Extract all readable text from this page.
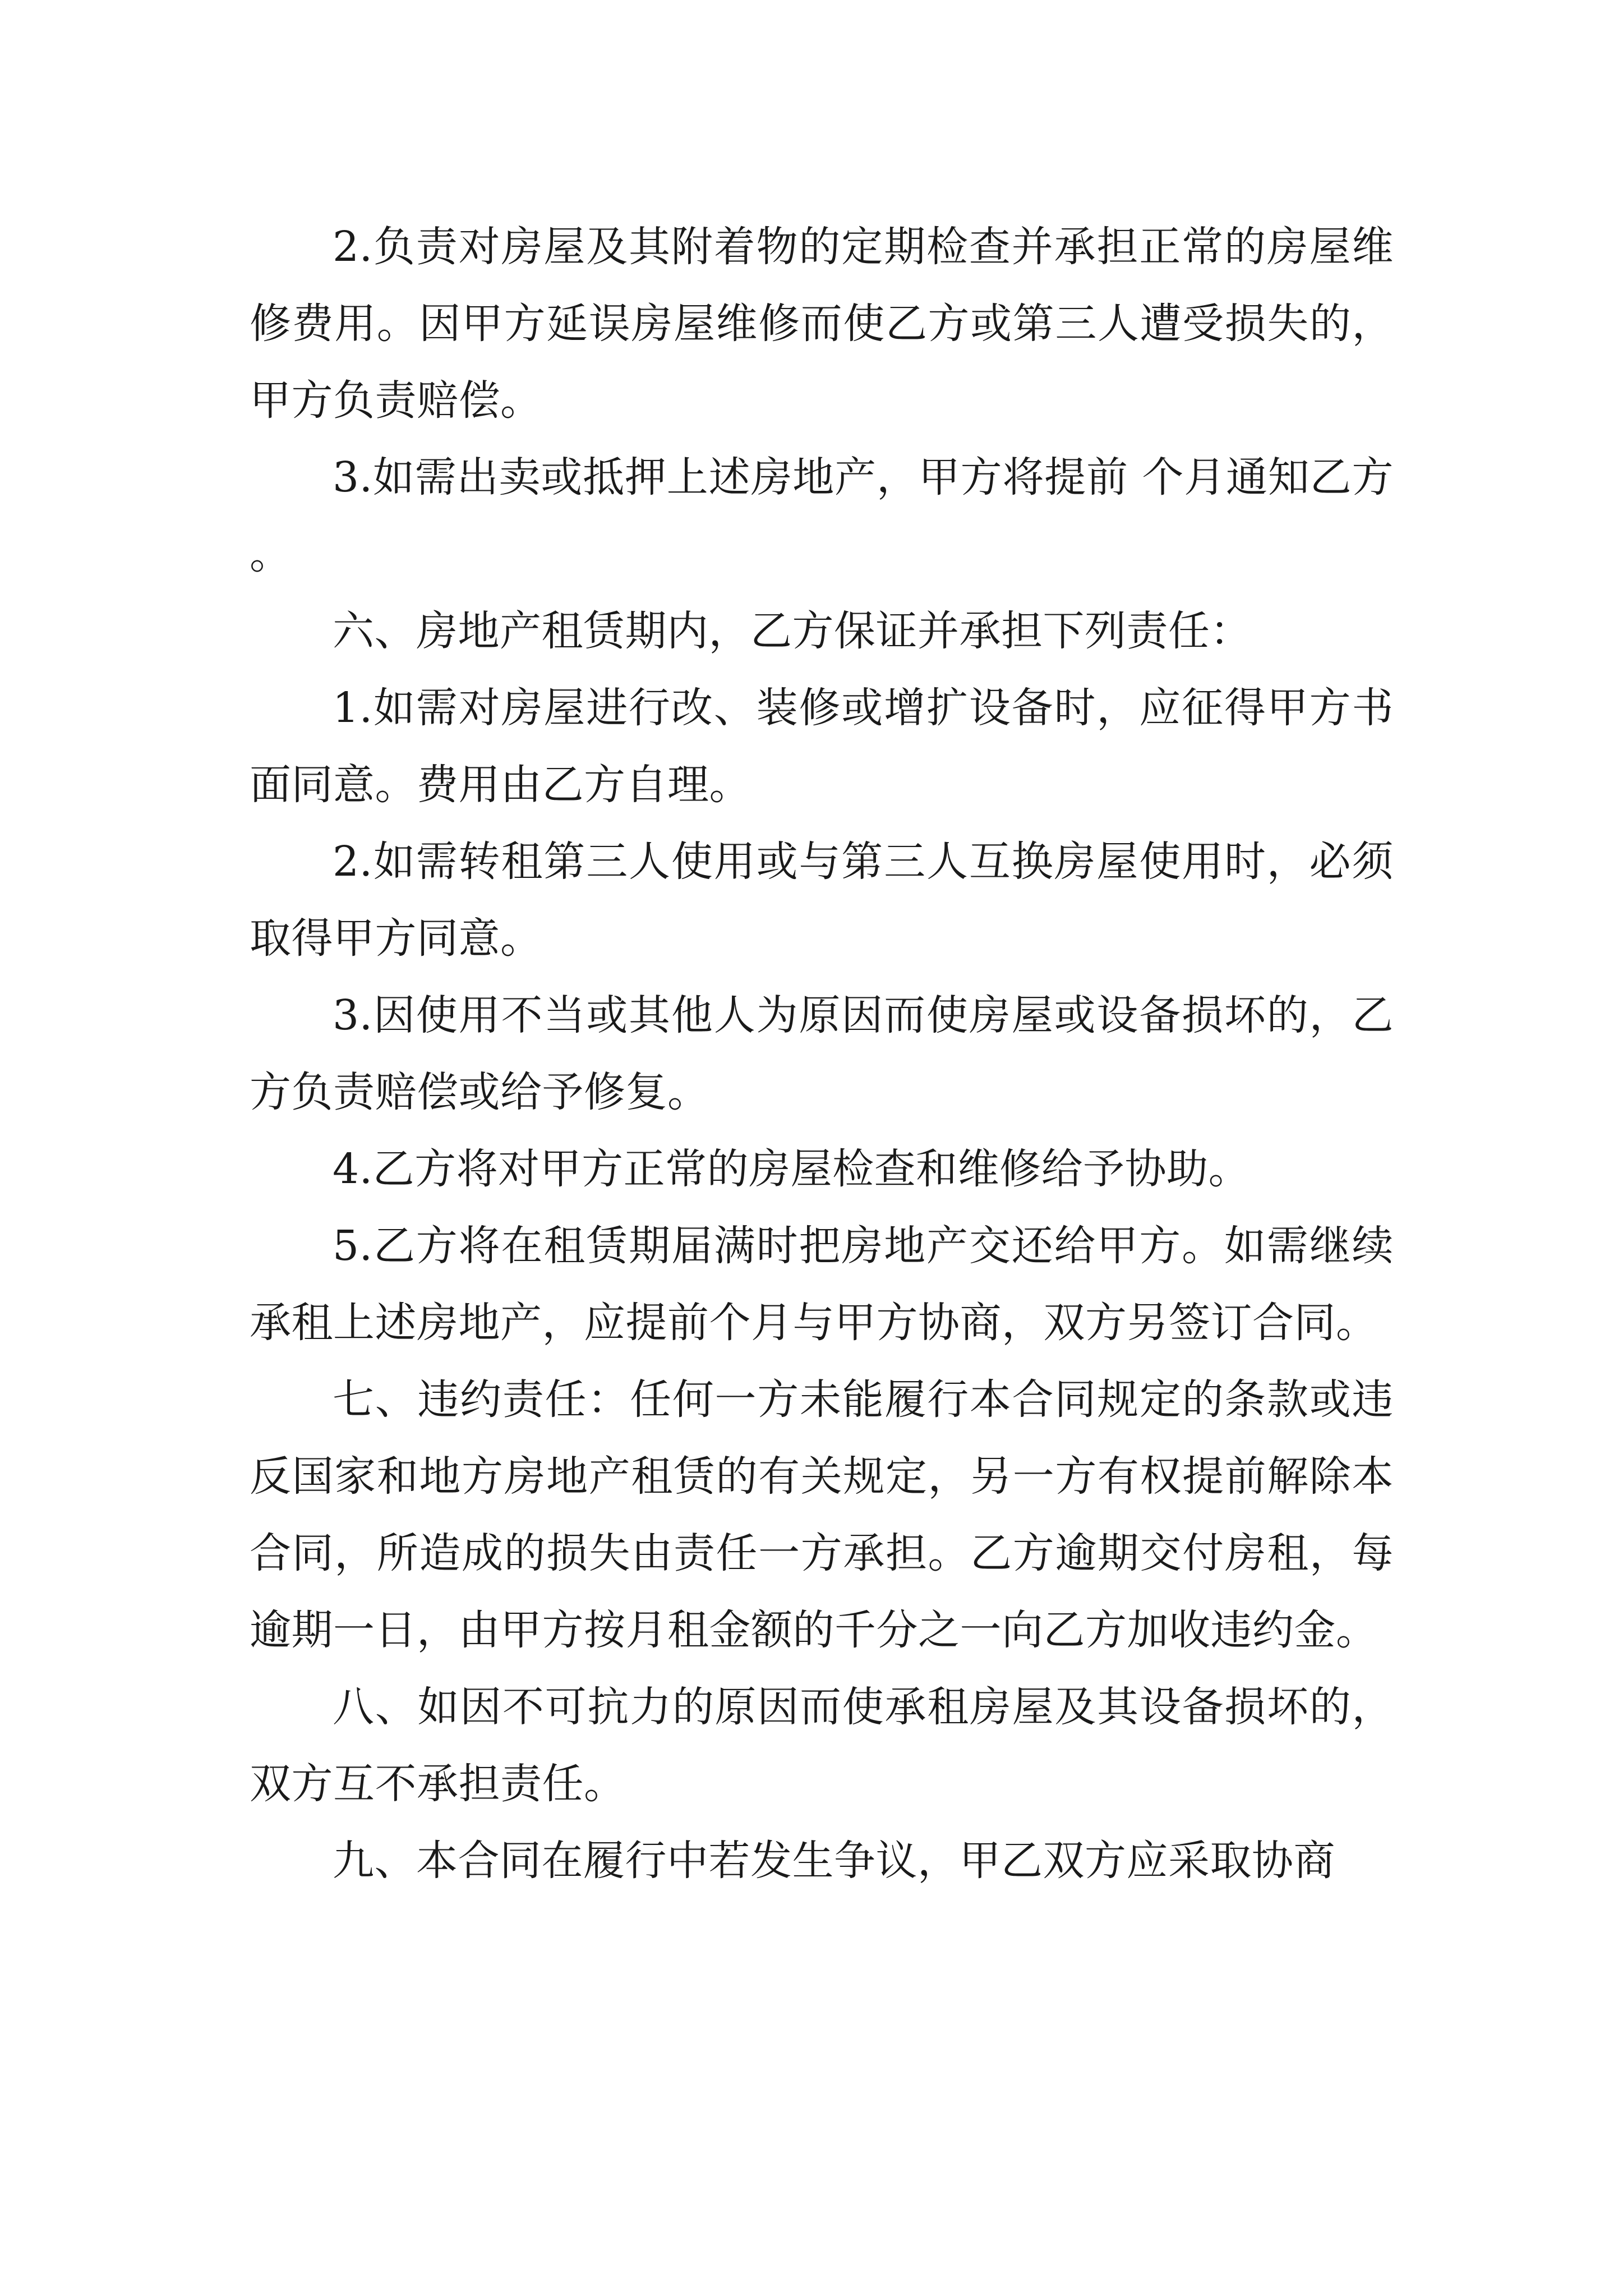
2.负责对房屋及其附着物的定期检查并承担正常的房屋维修费用。因甲方延误房屋维修而使乙方或第三人遭受损失的，甲方负责赔偿。

3.如需出卖或抵押上述房地产，甲方将提前 个月通知乙方。

六、房地产租赁期内，乙方保证并承担下列责任：

1.如需对房屋进行改、装修或增扩设备时，应征得甲方书面同意。费用由乙方自理。

2.如需转租第三人使用或与第三人互换房屋使用时，必须取得甲方同意。

3.因使用不当或其他人为原因而使房屋或设备损坏的，乙方负责赔偿或给予修复。

4.乙方将对甲方正常的房屋检查和维修给予协助。

5.乙方将在租赁期届满时把房地产交还给甲方。如需继续承租上述房地产，应提前个月与甲方协商，双方另签订合同。

七、违约责任：任何一方未能履行本合同规定的条款或违反国家和地方房地产租赁的有关规定，另一方有权提前解除本合同，所造成的损失由责任一方承担。乙方逾期交付房租，每逾期一日，由甲方按月租金额的千分之一向乙方加收违约金。

八、如因不可抗力的原因而使承租房屋及其设备损坏的，双方互不承担责任。

九、本合同在履行中若发生争议，甲乙双方应采取协商
